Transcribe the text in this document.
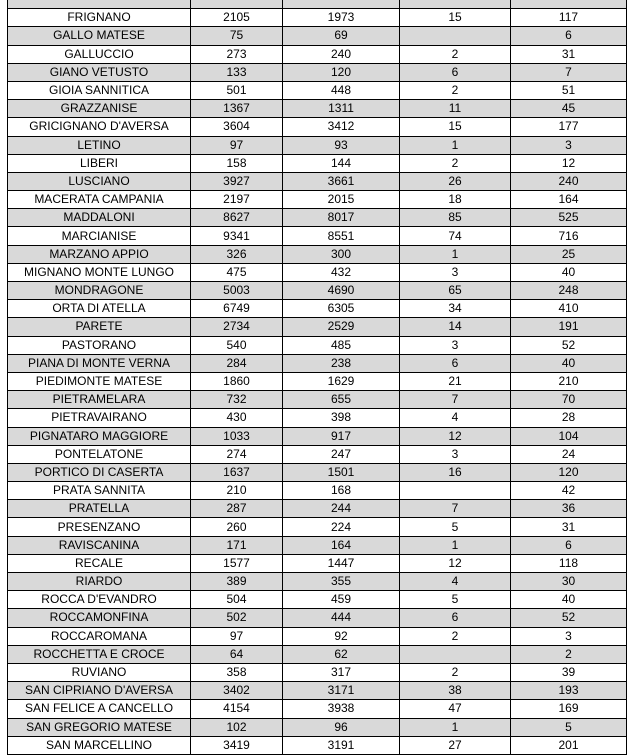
FRIGNANO	2105	1973	15	117
GALLO MATESE	75	69		6
GALLUCCIO	273	240	2	31
GIANO VETUSTO	133	120	6	7
GIOIA SANNITICA	501	448	2	51
GRAZZANISE	1367	1311	11	45
GRICIGNANO D'AVERSA	3604	3412	15	177
LETINO	97	93	1	3
LIBERI	158	144	2	12
LUSCIANO	3927	3661	26	240
MACERATA CAMPANIA	2197	2015	18	164
MADDALONI	8627	8017	85	525
MARCIANISE	9341	8551	74	716
MARZANO APPIO	326	300	1	25
MIGNANO MONTE LUNGO	475	432	3	40
MONDRAGONE	5003	4690	65	248
ORTA DI ATELLA	6749	6305	34	410
PARETE	2734	2529	14	191
PASTORANO	540	485	3	52
PIANA DI MONTE VERNA	284	238	6	40
PIEDIMONTE MATESE	1860	1629	21	210
PIETRAMELARA	732	655	7	70
PIETRAVAIRANO	430	398	4	28
PIGNATARO MAGGIORE	1033	917	12	104
PONTELATONE	274	247	3	24
PORTICO DI CASERTA	1637	1501	16	120
PRATA SANNITA	210	168		42
PRATELLA	287	244	7	36
PRESENZANO	260	224	5	31
RAVISCANINA	171	164	1	6
RECALE	1577	1447	12	118
RIARDO	389	355	4	30
ROCCA D'EVANDRO	504	459	5	40
ROCCAMONFINA	502	444	6	52
ROCCAROMANA	97	92	2	3
ROCCHETTA E CROCE	64	62		2
RUVIANO	358	317	2	39
SAN CIPRIANO D'AVERSA	3402	3171	38	193
SAN FELICE A CANCELLO	4154	3938	47	169
SAN GREGORIO MATESE	102	96	1	5
SAN MARCELLINO	3419	3191	27	201
